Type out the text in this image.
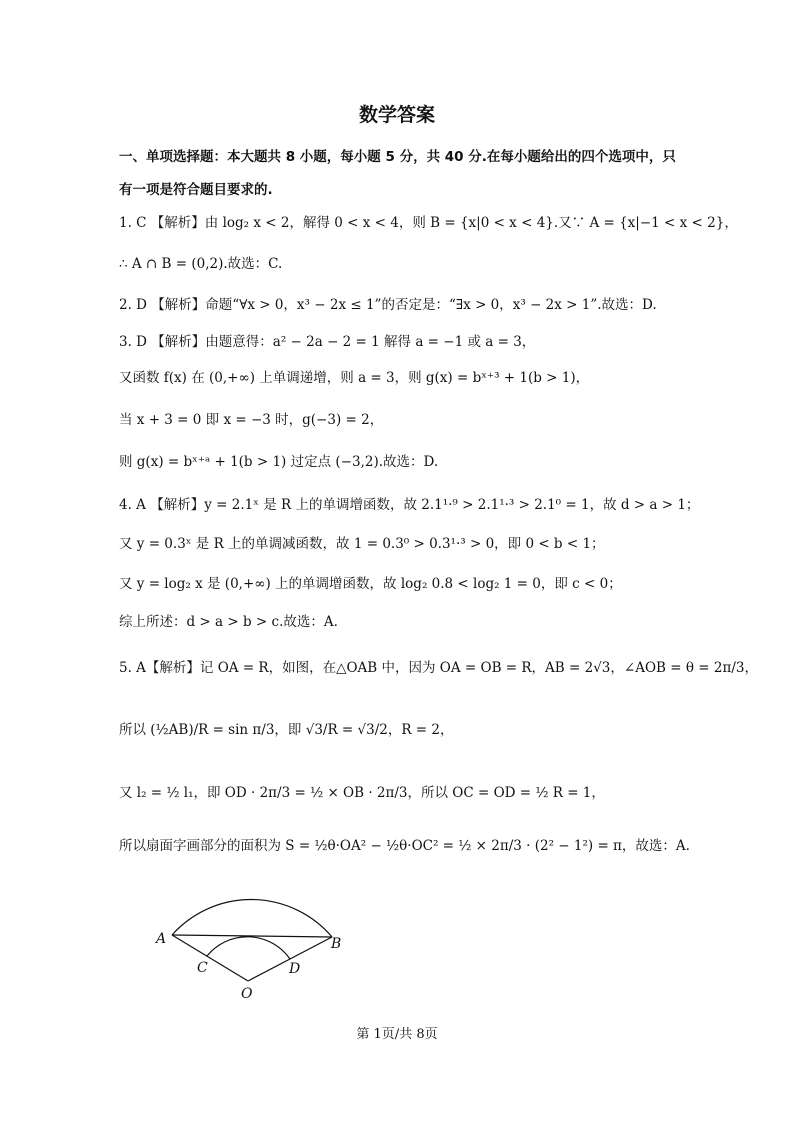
数学答案
一、单项选择题：本大题共 8 小题，每小题 5 分，共 40 分.在每小题给出的四个选项中，只
有一项是符合题目要求的.
1. C 【解析】由 log₂ x < 2，解得 0 < x < 4，则 B = {x|0 < x < 4}.又∵ A = {x|−1 < x < 2}，
∴ A ∩ B = (0,2).故选：C.
2. D 【解析】命题“∀x > 0，x³ − 2x ≤ 1”的否定是：“∃x > 0，x³ − 2x > 1”.故选：D.
3. D 【解析】由题意得：a² − 2a − 2 = 1 解得 a = −1 或 a = 3，
又函数 f(x) 在 (0,+∞) 上单调递增，则 a = 3，则 g(x) = bˣ⁺³ + 1(b > 1)，
当 x + 3 = 0 即 x = −3 时，g(−3) = 2，
则 g(x) = bˣ⁺ᵃ + 1(b > 1) 过定点 (−3,2).故选：D.
4. A 【解析】y = 2.1ˣ 是 R 上的单调增函数，故 2.1¹·⁹ > 2.1¹·³ > 2.1⁰ = 1，故 d > a > 1；
又 y = 0.3ˣ 是 R 上的单调减函数，故 1 = 0.3⁰ > 0.3¹·³ > 0，即 0 < b < 1；
又 y = log₂ x 是 (0,+∞) 上的单调增函数，故 log₂ 0.8 < log₂ 1 = 0，即 c < 0；
综上所述：d > a > b > c.故选：A.
5. A【解析】记 OA = R，如图，在△OAB 中，因为 OA = OB = R，AB = 2√3，∠AOB = θ = 2π/3，
所以 (½AB)/R = sin π/3，即 √3/R = √3/2，R = 2，
又 l₂ = ½ l₁，即 OD · 2π/3 = ½ × OB · 2π/3，所以 OC = OD = ½ R = 1，
所以扇面字画部分的面积为 S = ½θ·OA² − ½θ·OC² = ½ × 2π/3 · (2² − 1²) = π，故选：A.
A	B
C	D
O
第 1页/共 8页
